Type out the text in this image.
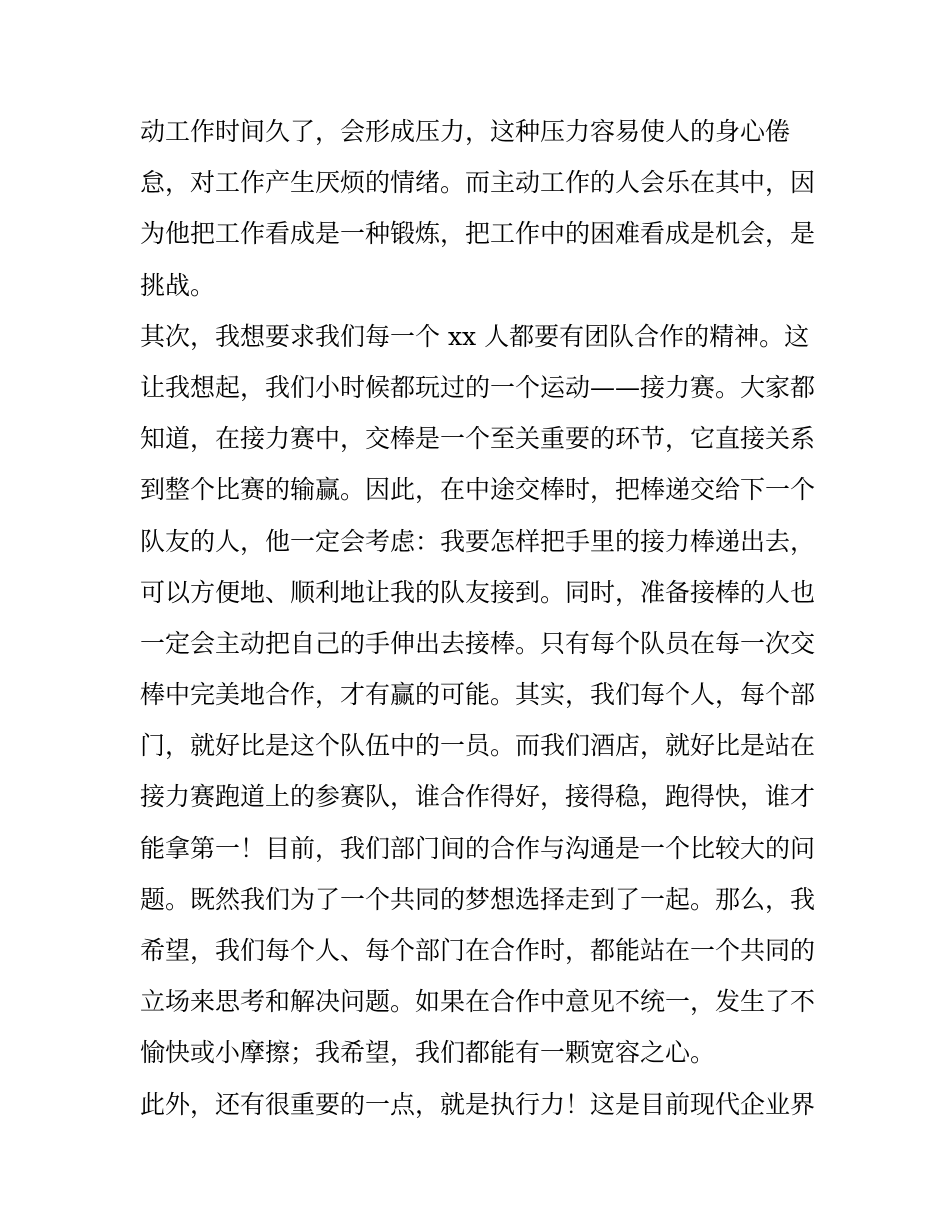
动工作时间久了，会形成压力，这种压力容易使人的身心倦
怠，对工作产生厌烦的情绪。而主动工作的人会乐在其中，因
为他把工作看成是一种锻炼，把工作中的困难看成是机会，是
挑战。
其次，我想要求我们每一个 xx 人都要有团队合作的精神。这
让我想起，我们小时候都玩过的一个运动——接力赛。大家都
知道，在接力赛中，交棒是一个至关重要的环节，它直接关系
到整个比赛的输赢。因此，在中途交棒时，把棒递交给下一个
队友的人，他一定会考虑：我要怎样把手里的接力棒递出去，
可以方便地、顺利地让我的队友接到。同时，准备接棒的人也
一定会主动把自己的手伸出去接棒。只有每个队员在每一次交
棒中完美地合作，才有赢的可能。其实，我们每个人，每个部
门，就好比是这个队伍中的一员。而我们酒店，就好比是站在
接力赛跑道上的参赛队，谁合作得好，接得稳，跑得快，谁才
能拿第一！目前，我们部门间的合作与沟通是一个比较大的问
题。既然我们为了一个共同的梦想选择走到了一起。那么，我
希望，我们每个人、每个部门在合作时，都能站在一个共同的
立场来思考和解决问题。如果在合作中意见不统一，发生了不
愉快或小摩擦；我希望，我们都能有一颗宽容之心。
此外，还有很重要的一点，就是执行力！这是目前现代企业界
